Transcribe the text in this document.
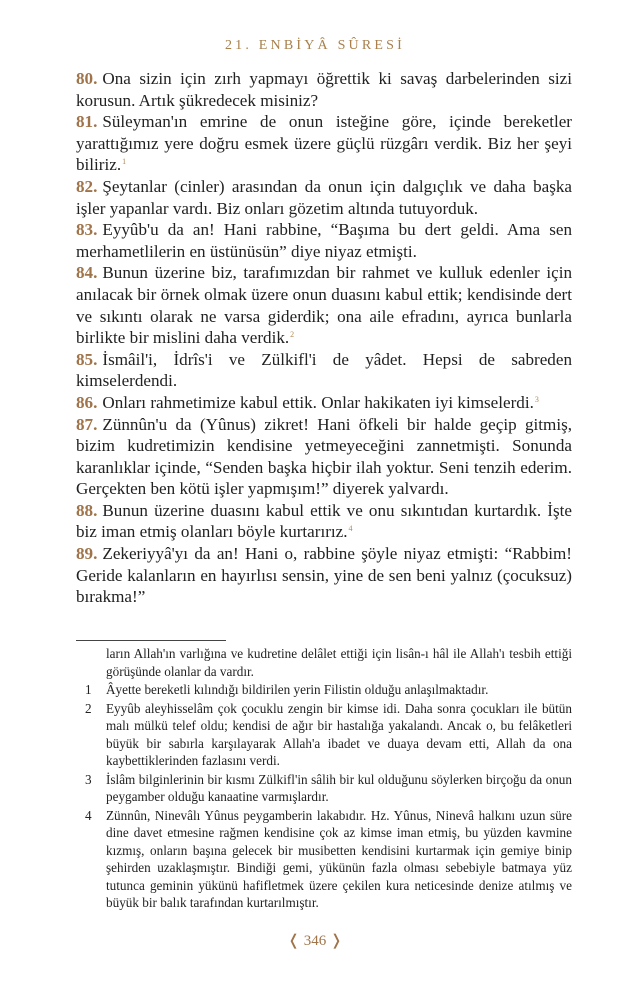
21. ENBİYÂ SÛRESİ

80. Ona sizin için zırh yapmayı öğrettik ki savaş darbelerinden sizi korusun. Artık şükredecek misiniz?

81. Süleyman'ın emrine de onun isteğine göre, içinde bereketler yarattığımız yere doğru esmek üzere güçlü rüzgârı verdik. Biz her şeyi biliriz.$^1$

82. Şeytanlar (cinler) arasından da onun için dalgıçlık ve daha başka işler yapanlar vardı. Biz onları gözetim altında tutuyorduk.

83. Eyyûb'u da an! Hani rabbine, “Başıma bu dert geldi. Ama sen merhametlilerin en üstünüsün” diye niyaz etmişti.

84. Bunun üzerine biz, tarafımızdan bir rahmet ve kulluk edenler için anılacak bir örnek olmak üzere onun duasını kabul ettik; kendisinde dert ve sıkıntı olarak ne varsa giderdik; ona aile efradını, ayrıca bunlarla birlikte bir mislini daha verdik.$^2$

85. İsmâil'i, İdrîs'i ve Zülkifl'i de yâdet. Hepsi de sabreden kimselerdendi.

86. Onları rahmetimize kabul ettik. Onlar hakikaten iyi kimselerdi.$^3$

87. Zünnûn'u da (Yûnus) zikret! Hani öfkeli bir halde geçip gitmiş, bizim kudretimizin kendisine yetmeyeceğini zannetmişti. Sonunda karanlıklar içinde, “Senden başka hiçbir ilah yoktur. Seni tenzih ederim. Gerçekten ben kötü işler yapmışım!” diyerek yalvardı.

88. Bunun üzerine duasını kabul ettik ve onu sıkıntıdan kurtardık. İşte biz iman etmiş olanları böyle kurtarırız.$^4$

89. Zekeriyyâ'yı da an! Hani o, rabbine şöyle niyaz etmişti: “Rabbim! Geride kalanların en hayırlısı sensin, yine de sen beni yalnız (çocuksuz) bırakma!”

ların Allah'ın varlığına ve kudretine delâlet ettiği için lisân-ı hâl ile Allah'ı tesbih ettiği görüşünde olanlar da vardır.
1	Âyette bereketli kılındığı bildirilen yerin Filistin olduğu anlaşılmaktadır.
2	Eyyûb aleyhisselâm çok çocuklu zengin bir kimse idi. Daha sonra çocukları ile bütün malı mülkü telef oldu; kendisi de ağır bir hastalığa yakalandı. Ancak o, bu felâketleri büyük bir sabırla karşılayarak Allah'a ibadet ve duaya devam etti, Allah da ona kaybettiklerinden fazlasını verdi.
3	İslâm bilginlerinin bir kısmı Zülkifl'in sâlih bir kul olduğunu söylerken birçoğu da onun peygamber olduğu kanaatine varmışlardır.
4	Zünnûn, Ninevâlı Yûnus peygamberin lakabıdır. Hz. Yûnus, Ninevâ halkını uzun süre dine davet etmesine rağmen kendisine çok az kimse iman etmiş, bu yüzden kavmine kızmış, onların başına gelecek bir musibetten kendisini kurtarmak için gemiye binip şehirden uzaklaşmıştır. Bindiği gemi, yükünün fazla olması sebebiyle batmaya yüz tutunca geminin yükünü hafifletmek üzere çekilen kura neticesinde denize atılmış ve büyük bir balık tarafından kurtarılmıştır.
❬ 346 ❭
